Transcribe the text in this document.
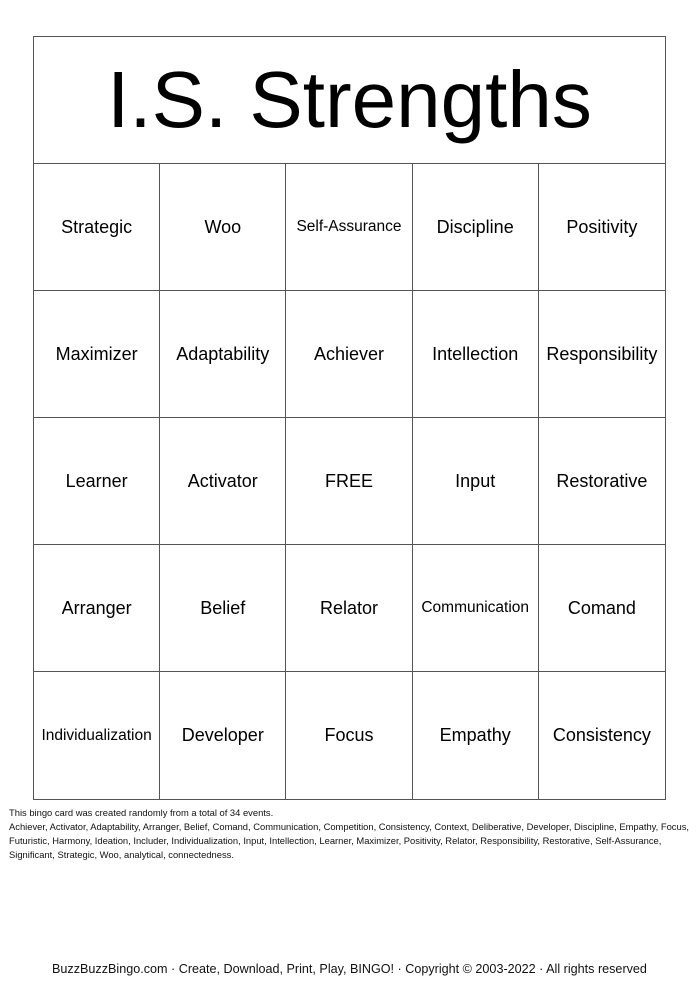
I.S. Strengths
Strategic	Woo	Self-Assurance	Discipline	Positivity
Maximizer	Adaptability	Achiever	Intellection	Responsibility
Learner	Activator	FREE	Input	Restorative
Arranger	Belief	Relator	Communication	Comand
Individualization	Developer	Focus	Empathy	Consistency
This bingo card was created randomly from a total of 34 events.
Achiever, Activator, Adaptability, Arranger, Belief, Comand, Communication, Competition, Consistency, Context, Deliberative, Developer, Discipline, Empathy, Focus, Futuristic, Harmony, Ideation, Includer, Individualization, Input, Intellection, Learner, Maximizer, Positivity, Relator, Responsibility, Restorative, Self-Assurance, Significant, Strategic, Woo, analytical, connectedness.
BuzzBuzzBingo.com · Create, Download, Print, Play, BINGO! · Copyright © 2003-2022 · All rights reserved
